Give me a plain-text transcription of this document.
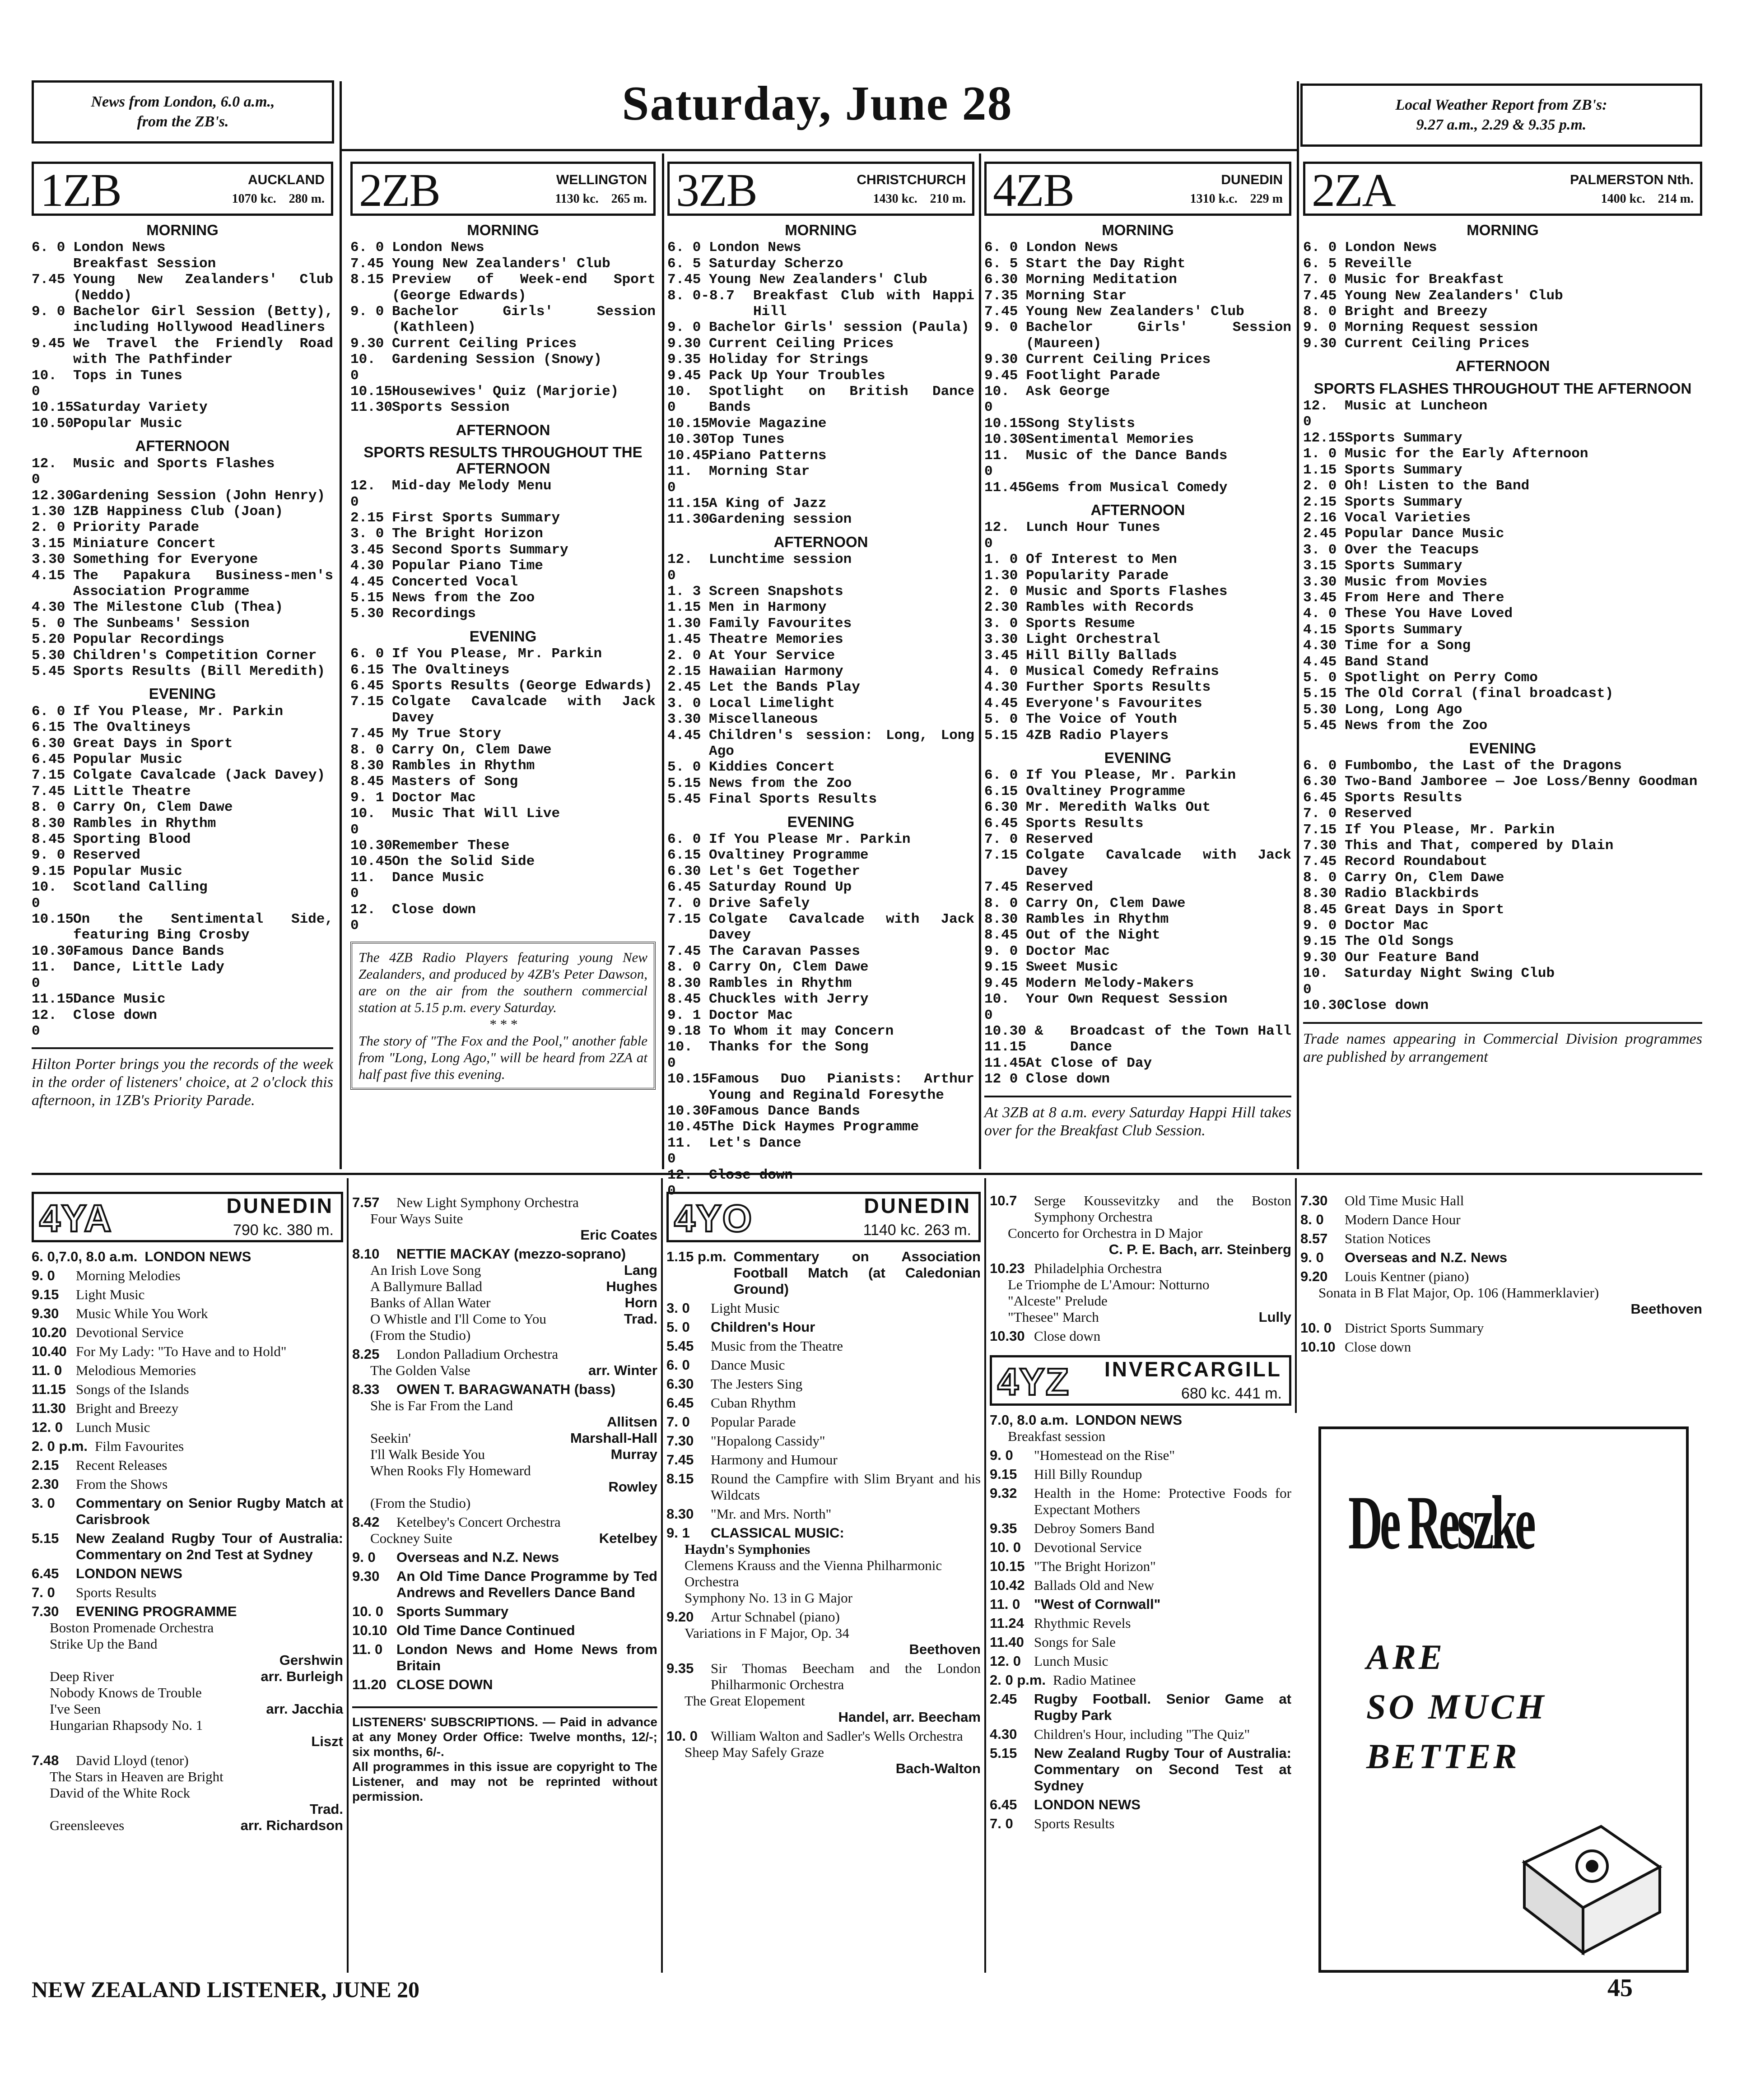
News from London, 6.0 a.m.,
from the ZB's.	Saturday, June 28	Local Weather Report from ZB's:
9.27 a.m., 2.29 & 9.35 p.m.
1ZB	AUCKLAND
1070 kc.    280 m.
MORNING
6. 0 London News
Breakfast Session
7.45 Young New Zealanders' Club (Neddo)
9. 0 Bachelor Girl Session (Betty), including Hollywood Headliners
9.45 We Travel the Friendly Road with The Pathfinder
10. 0
Tops in Tunes
10.15
Saturday Variety
10.50
Popular Music
AFTERNOON
12. 0
Music and Sports Flashes
12.30
Gardening Session (John Henry)
1.30 1ZB Happiness Club (Joan)
2. 0 Priority Parade
3.15 Miniature Concert
3.30 Something for Everyone
4.15 The Papakura Business-men's Association Programme
4.30 The Milestone Club (Thea)
5. 0 The Sunbeams' Session
5.20 Popular Recordings
5.30 Children's Competition Corner
5.45 Sports Results (Bill Meredith)
EVENING
6. 0 If You Please, Mr. Parkin
6.15 The Ovaltineys
6.30 Great Days in Sport
6.45 Popular Music
7.15 Colgate Cavalcade (Jack Davey)
7.45 Little Theatre
8. 0 Carry On, Clem Dawe
8.30 Rambles in Rhythm
8.45 Sporting Blood
9. 0 Reserved
9.15 Popular Music
10. 0
Scotland Calling
10.15
On the Sentimental Side, featuring Bing Crosby
10.30
Famous Dance Bands
11. 0
Dance, Little Lady
11.15
Dance Music
12. 0
Close down
Hilton Porter brings you the records of the week in the order of listeners' choice, at 2 o'clock this afternoon, in 1ZB's Priority Parade.
2ZB	WELLINGTON
1130 kc.    265 m.
MORNING
6. 0 London News
7.45 Young New Zealanders' Club
8.15 Preview of Week-end Sport (George Edwards)
9. 0 Bachelor Girls' Session (Kathleen)
9.30 Current Ceiling Prices
10. 0
Gardening Session (Snowy)
10.15
Housewives' Quiz (Marjorie)
11.30
Sports Session
AFTERNOON
SPORTS RESULTS THROUGHOUT THE AFTERNOON
12. 0
Mid-day Melody Menu
2.15 First Sports Summary
3. 0 The Bright Horizon
3.45 Second Sports Summary
4.30 Popular Piano Time
4.45 Concerted Vocal
5.15 News from the Zoo
5.30 Recordings
EVENING
6. 0 If You Please, Mr. Parkin
6.15 The Ovaltineys
6.45 Sports Results (George Edwards)
7.15 Colgate Cavalcade with Jack Davey
7.45 My True Story
8. 0 Carry On, Clem Dawe
8.30 Rambles in Rhythm
8.45 Masters of Song
9. 1 Doctor Mac
10. 0
Music That Will Live
10.30
Remember These
10.45
On the Solid Side
11. 0
Dance Music
12. 0
Close down
The 4ZB Radio Players featuring young New Zealanders, and produced by 4ZB's Peter Dawson, are on the air from the southern commercial station at 5.15 p.m. every Saturday.
* * *
The story of "The Fox and the Pool," another fable from "Long, Long Ago," will be heard from 2ZA at half past five this evening.
3ZB	CHRISTCHURCH
1430 kc.    210 m.
MORNING
6. 0 London News
6. 5 Saturday Scherzo
7.45 Young New Zealanders' Club
8. 0-8.7	Breakfast Club with Happi Hill
9. 0 Bachelor Girls' session (Paula)
9.30 Current Ceiling Prices
9.35 Holiday for Strings
9.45 Pack Up Your Troubles
10. 0
Spotlight on British Dance Bands
10.15
Movie Magazine
10.30
Top Tunes
10.45
Piano Patterns
11. 0
Morning Star
11.15
A King of Jazz
11.30
Gardening session
AFTERNOON
12. 0
Lunchtime session
1. 3 Screen Snapshots
1.15 Men in Harmony
1.30 Family Favourites
1.45 Theatre Memories
2. 0 At Your Service
2.15 Hawaiian Harmony
2.45 Let the Bands Play
3. 0 Local Limelight
3.30 Miscellaneous
4.45 Children's session: Long, Long Ago
5. 0 Kiddies Concert
5.15 News from the Zoo
5.45 Final Sports Results
EVENING
6. 0 If You Please Mr. Parkin
6.15 Ovaltiney Programme
6.30 Let's Get Together
6.45 Saturday Round Up
7. 0 Drive Safely
7.15 Colgate Cavalcade with Jack Davey
7.45 The Caravan Passes
8. 0 Carry On, Clem Dawe
8.30 Rambles in Rhythm
8.45 Chuckles with Jerry
9. 1 Doctor Mac
9.18 To Whom it may Concern
10. 0
Thanks for the Song
10.15
Famous Duo Pianists: Arthur Young and Reginald Foresythe
10.30
Famous Dance Bands
10.45
The Dick Haymes Programme
11. 0
Let's Dance
12. 0
Close down
4ZB	DUNEDIN
1310 k.c.    229 m
MORNING
6. 0 London News
6. 5 Start the Day Right
6.30 Morning Meditation
7.35 Morning Star
7.45 Young New Zealanders' Club
9. 0 Bachelor Girls' Session (Maureen)
9.30 Current Ceiling Prices
9.45 Footlight Parade
10. 0
Ask George
10.15
Song Stylists
10.30
Sentimental Memories
11. 0
Music of the Dance Bands
11.45
Gems from Musical Comedy
AFTERNOON
12. 0
Lunch Hour Tunes
1. 0 Of Interest to Men
1.30 Popularity Parade
2. 0 Music and Sports Flashes
2.30 Rambles with Records
3. 0 Sports Resume
3.30 Light Orchestral
3.45 Hill Billy Ballads
4. 0 Musical Comedy Refrains
4.30 Further Sports Results
4.45 Everyone's Favourites
5. 0 The Voice of Youth
5.15 4ZB Radio Players
EVENING
6. 0 If You Please, Mr. Parkin
6.15 Ovaltiney Programme
6.30 Mr. Meredith Walks Out
6.45 Sports Results
7. 0 Reserved
7.15 Colgate Cavalcade with Jack Davey
7.45 Reserved
8. 0 Carry On, Clem Dawe
8.30 Rambles in Rhythm
8.45 Out of the Night
9. 0 Doctor Mac
9.15 Sweet Music
9.45 Modern Melody-Makers
10. 0
Your Own Request Session
10.30 & 11.15
Broadcast of the Town Hall Dance
11.45
At Close of Day
12 0 Close down
At 3ZB at 8 a.m. every Saturday Happi Hill takes over for the Breakfast Club Session.
2ZA	PALMERSTON Nth.
1400 kc.    214 m.
MORNING
6. 0 London News
6. 5 Reveille
7. 0 Music for Breakfast
7.45 Young New Zealanders' Club
8. 0 Bright and Breezy
9. 0 Morning Request session
9.30 Current Ceiling Prices
AFTERNOON
SPORTS FLASHES THROUGHOUT THE AFTERNOON
12. 0
Music at Luncheon
12.15
Sports Summary
1. 0 Music for the Early Afternoon
1.15 Sports Summary
2. 0 Oh! Listen to the Band
2.15 Sports Summary
2.16 Vocal Varieties
2.45 Popular Dance Music
3. 0 Over the Teacups
3.15 Sports Summary
3.30 Music from Movies
3.45 From Here and There
4. 0 These You Have Loved
4.15 Sports Summary
4.30 Time for a Song
4.45 Band Stand
5. 0 Spotlight on Perry Como
5.15 The Old Corral (final broadcast)
5.30 Long, Long Ago
5.45 News from the Zoo
EVENING
6. 0 Fumbombo, the Last of the Dragons
6.30 Two-Band Jamboree — Joe Loss/Benny Goodman
6.45 Sports Results
7. 0 Reserved
7.15 If You Please, Mr. Parkin
7.30 This and That, compered by Dlain
7.45 Record Roundabout
8. 0 Carry On, Clem Dawe
8.30 Radio Blackbirds
8.45 Great Days in Sport
9. 0 Doctor Mac
9.15 The Old Songs
9.30 Our Feature Band
10. 0
Saturday Night Swing Club
10.30
Close down
Trade names appearing in Commercial Division programmes are published by arrangement
4YA	DUNEDIN
790 kc. 380 m.
6. 0,7.0, 8.0 a.m. LONDON NEWS
9. 0	Morning Melodies
9.15	Light Music
9.30	Music While You Work
10.20 Devotional Service
10.40 For My Lady: "To Have and to Hold"
11. 0 Melodious Memories
11.15 Songs of the Islands
11.30 Bright and Breezy
12. 0 Lunch Music
2. 0 p.m. Film Favourites
2.15	Recent Releases
2.30	From the Shows
3. 0	Commentary on Senior Rugby Match at Carisbrook
5.15	New Zealand Rugby Tour of Australia: Commentary on 2nd Test at Sydney
6.45	LONDON NEWS
7. 0	Sports Results
7.30	EVENING PROGRAMME
Boston Promenade Orchestra
Strike Up the Band
Gershwin
Deep River	arr. Burleigh
Nobody Knows de Trouble
I've Seen	arr. Jacchia
Hungarian Rhapsody No. 1
Liszt
7.48	David Lloyd (tenor)
The Stars in Heaven are Bright
David of the White Rock
Trad.
Greensleeves	arr. Richardson
7.57	New Light Symphony Orchestra
Four Ways Suite
Eric Coates
8.10	NETTIE MACKAY (mezzo-soprano)
An Irish Love Song	Lang
A Ballymure Ballad	Hughes
Banks of Allan Water	Horn
O Whistle and I'll Come to You	Trad.
(From the Studio)
8.25	London Palladium Orchestra
The Golden Valse	arr. Winter
8.33	OWEN T. BARAGWANATH (bass)
She is Far From the Land
Allitsen
Seekin'	Marshall-Hall
I'll Walk Beside You	Murray
When Rooks Fly Homeward
Rowley
(From the Studio)
8.42	Ketelbey's Concert Orchestra
Cockney Suite	Ketelbey
9. 0	Overseas and N.Z. News
9.30	An Old Time Dance Programme by Ted Andrews and Revellers Dance Band
10. 0 Sports Summary
10.10 Old Time Dance Continued
11. 0 London News and Home News from Britain
11.20 CLOSE DOWN
LISTENERS' SUBSCRIPTIONS. — Paid in advance at any Money Order Office: Twelve months, 12/-; six months, 6/-.
All programmes in this issue are copyright to The Listener, and may not be reprinted without permission.
4YO	DUNEDIN
1140 kc. 263 m.
1.15 p.m. Commentary on Association Football Match (at Caledonian Ground)
3. 0	Light Music
5. 0	Children's Hour
5.45	Music from the Theatre
6. 0	Dance Music
6.30	The Jesters Sing
6.45	Cuban Rhythm
7. 0	Popular Parade
7.30	"Hopalong Cassidy"
7.45	Harmony and Humour
8.15	Round the Campfire with Slim Bryant and his Wildcats
8.30	"Mr. and Mrs. North"
9. 1	CLASSICAL MUSIC:
Haydn's Symphonies
Clemens Krauss and the Vienna Philharmonic Orchestra
Symphony No. 13 in G Major
9.20	Artur Schnabel (piano)
Variations in F Major, Op. 34
Beethoven
9.35	Sir Thomas Beecham and the London Philharmonic Orchestra
The Great Elopement
Handel, arr. Beecham
10. 0 William Walton and Sadler's Wells Orchestra
Sheep May Safely Graze
Bach-Walton
10.7	Serge Koussevitzky and the Boston Symphony Orchestra
Concerto for Orchestra in D Major
C. P. E. Bach, arr. Steinberg
10.23 Philadelphia Orchestra
Le Triomphe de L'Amour: Notturno
"Alceste" Prelude
"Thesee" March	Lully
10.30 Close down
4YZ INVERCARGILL
680 kc. 441 m.
7.0, 8.0 a.m. LONDON NEWS
Breakfast session
9. 0	"Homestead on the Rise"
9.15	Hill Billy Roundup
9.32	Health in the Home: Protective Foods for Expectant Mothers
9.35	Debroy Somers Band
10. 0 Devotional Service
10.15 "The Bright Horizon"
10.42 Ballads Old and New
11. 0 "West of Cornwall"
11.24 Rhythmic Revels
11.40 Songs for Sale
12. 0 Lunch Music
2. 0 p.m. Radio Matinee
2.45	Rugby Football. Senior Game at Rugby Park
4.30	Children's Hour, including "The Quiz"
5.15	New Zealand Rugby Tour of Australia: Commentary on Second Test at Sydney
6.45	LONDON NEWS
7. 0	Sports Results
7.30	Old Time Music Hall
8. 0	Modern Dance Hour
8.57	Station Notices
9. 0	Overseas and N.Z. News
9.20	Louis Kentner (piano)
Sonata in B Flat Major, Op. 106 (Hammerklavier)
Beethoven
10. 0 District Sports Summary
10.10 Close down
De Reszke
ARE
SO MUCH
BETTER
NEW ZEALAND LISTENER, JUNE 20	45
